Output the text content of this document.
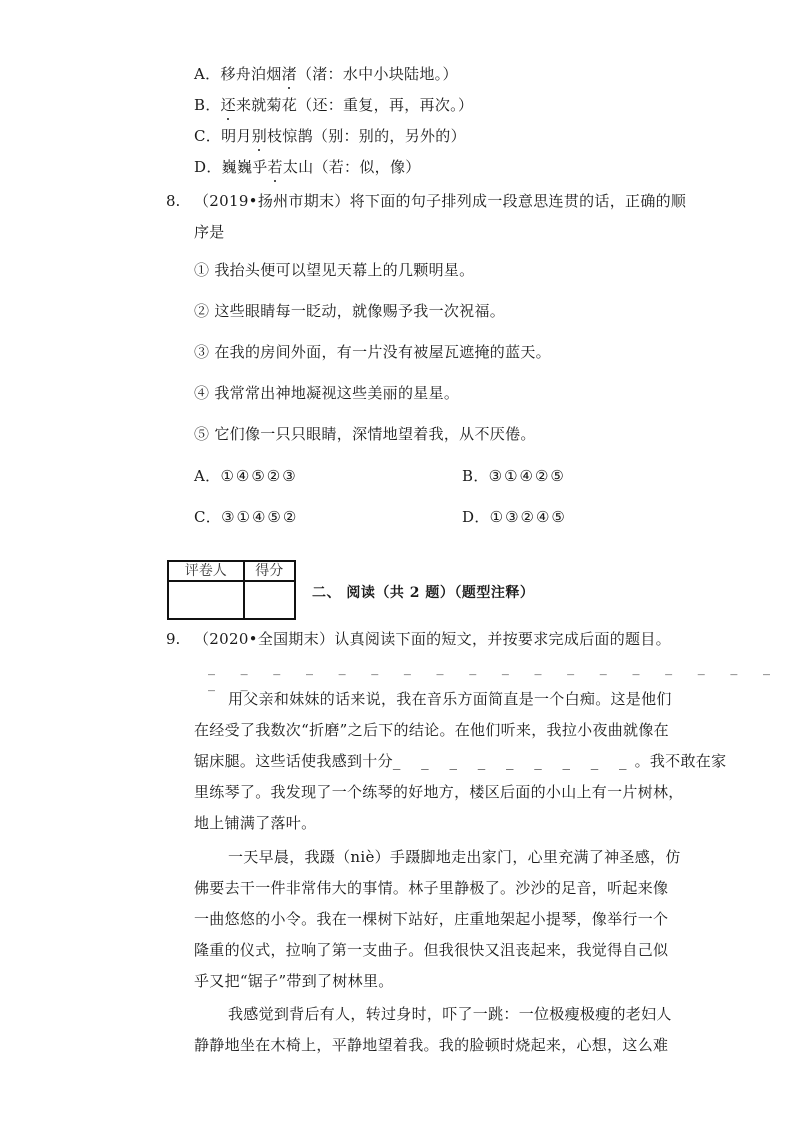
A．移舟泊烟渚（渚：水中小块陆地。）
B．还来就菊花（还：重复，再，再次。）
C．明月别枝惊鹊（别：别的，另外的）
D．巍巍乎若太山（若：似，像）
8. （2019•扬州市期末）将下面的句子排列成一段意思连贯的话，正确的顺
序是
① 我抬头便可以望见天幕上的几颗明星。
② 这些眼睛每一眨动，就像赐予我一次祝福。
③ 在我的房间外面，有一片没有被屋瓦遮掩的蓝天。
④ 我常常出神地凝视这些美丽的星星。
⑤ 它们像一只只眼睛，深情地望着我，从不厌倦。
A．①④⑤②③	B．③①④②⑤
C．③①④⑤②	D．①③②④⑤
评卷人	得分

二、 阅读（共 2 题）（题型注释）
9. （2020•全国期末）认真阅读下面的短文，并按要求完成后面的题目。
_ _ _ _ _ _ _ _ _ _ _ _ _ _ _ _ _ _ _ _
用父亲和妹妹的话来说，我在音乐方面简直是一个白痴。这是他们
在经受了我数次“折磨”之后下的结论。在他们听来，我拉小夜曲就像在
锯床腿。这些话使我感到十分_ _ _ _ _ _ _ _ _。我不敢在家
里练琴了。我发现了一个练琴的好地方，楼区后面的小山上有一片树林，
地上铺满了落叶。
一天早晨，我蹑（niè）手蹑脚地走出家门，心里充满了神圣感，仿
佛要去干一件非常伟大的事情。林子里静极了。沙沙的足音，听起来像
一曲悠悠的小令。我在一棵树下站好，庄重地架起小提琴，像举行一个
隆重的仪式，拉响了第一支曲子。但我很快又沮丧起来，我觉得自己似
乎又把“锯子”带到了树林里。
我感觉到背后有人，转过身时，吓了一跳：一位极瘦极瘦的老妇人
静静地坐在木椅上，平静地望着我。我的脸顿时烧起来，心想，这么难
